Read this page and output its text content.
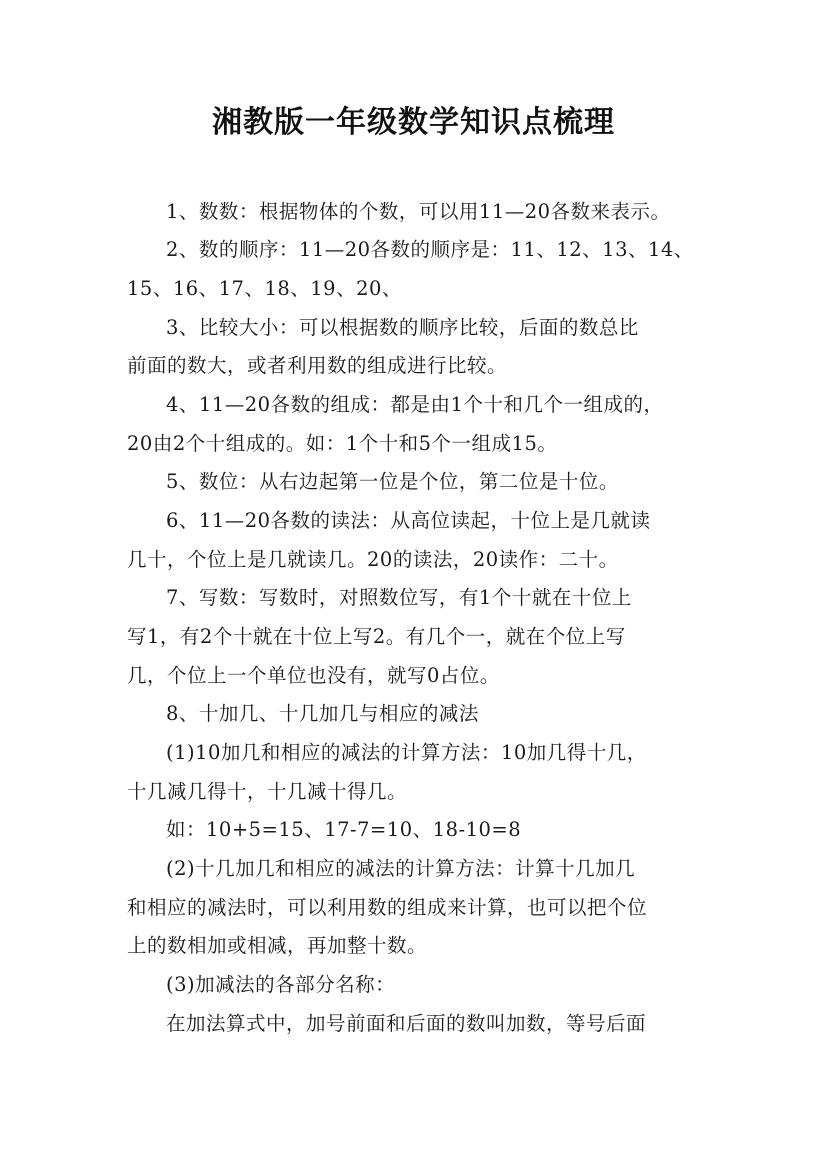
湘教版一年级数学知识点梳理
1、数数：根据物体的个数，可以用11—20各数来表示。
2、数的顺序：11—20各数的顺序是：11、12、13、14、
15、16、17、18、19、20、
3、比较大小：可以根据数的顺序比较，后面的数总比
前面的数大，或者利用数的组成进行比较。
4、11—20各数的组成：都是由1个十和几个一组成的，
20由2个十组成的。如：1个十和5个一组成15。
5、数位：从右边起第一位是个位，第二位是十位。
6、11—20各数的读法：从高位读起，十位上是几就读
几十，个位上是几就读几。20的读法，20读作：二十。
7、写数：写数时，对照数位写，有1个十就在十位上
写1，有2个十就在十位上写2。有几个一，就在个位上写
几，个位上一个单位也没有，就写0占位。
8、十加几、十几加几与相应的减法
(1)10加几和相应的减法的计算方法：10加几得十几，
十几减几得十，十几减十得几。
如：10+5=15、17-7=10、18-10=8
(2)十几加几和相应的减法的计算方法：计算十几加几
和相应的减法时，可以利用数的组成来计算，也可以把个位
上的数相加或相减，再加整十数。
(3)加减法的各部分名称：
在加法算式中，加号前面和后面的数叫加数，等号后面
